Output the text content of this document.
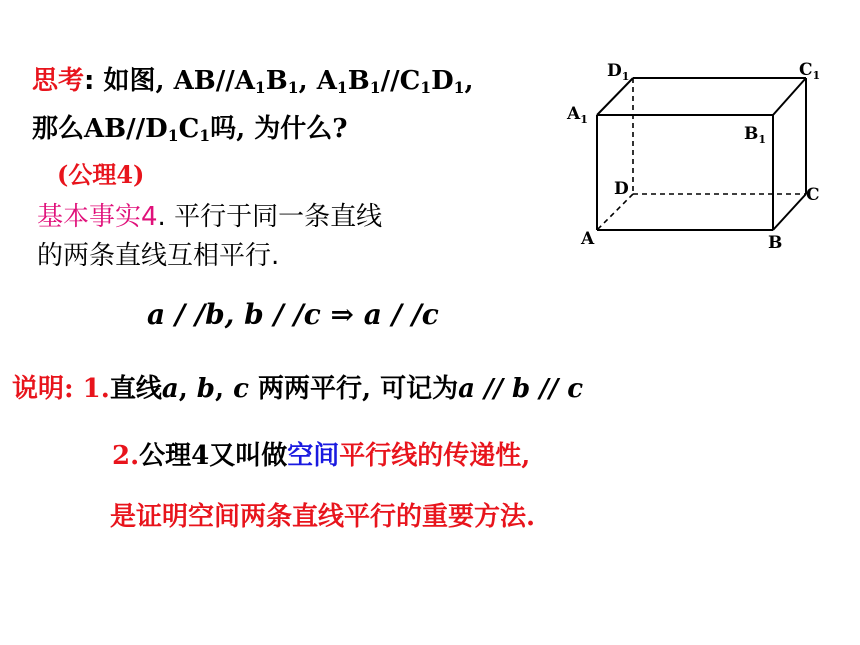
思考: 如图, $AB//A_1B_1$, $A_1B_1//C_1D_1$,
那么$AB//D_1C_1$吗, 为什么?
(公理4)
基本事实4. 平行于同一条直线
的两条直线互相平行.
a / /b, b / /c ⇒ a / /c
说明: 1.直线a, b, c 两两平行, 可记为a // b // c
2.公理4又叫做空间平行线的传递性,
是证明空间两条直线平行的重要方法.
$D_1$	$C_1$
$A_1$
$B_1$
D	C
A	B
